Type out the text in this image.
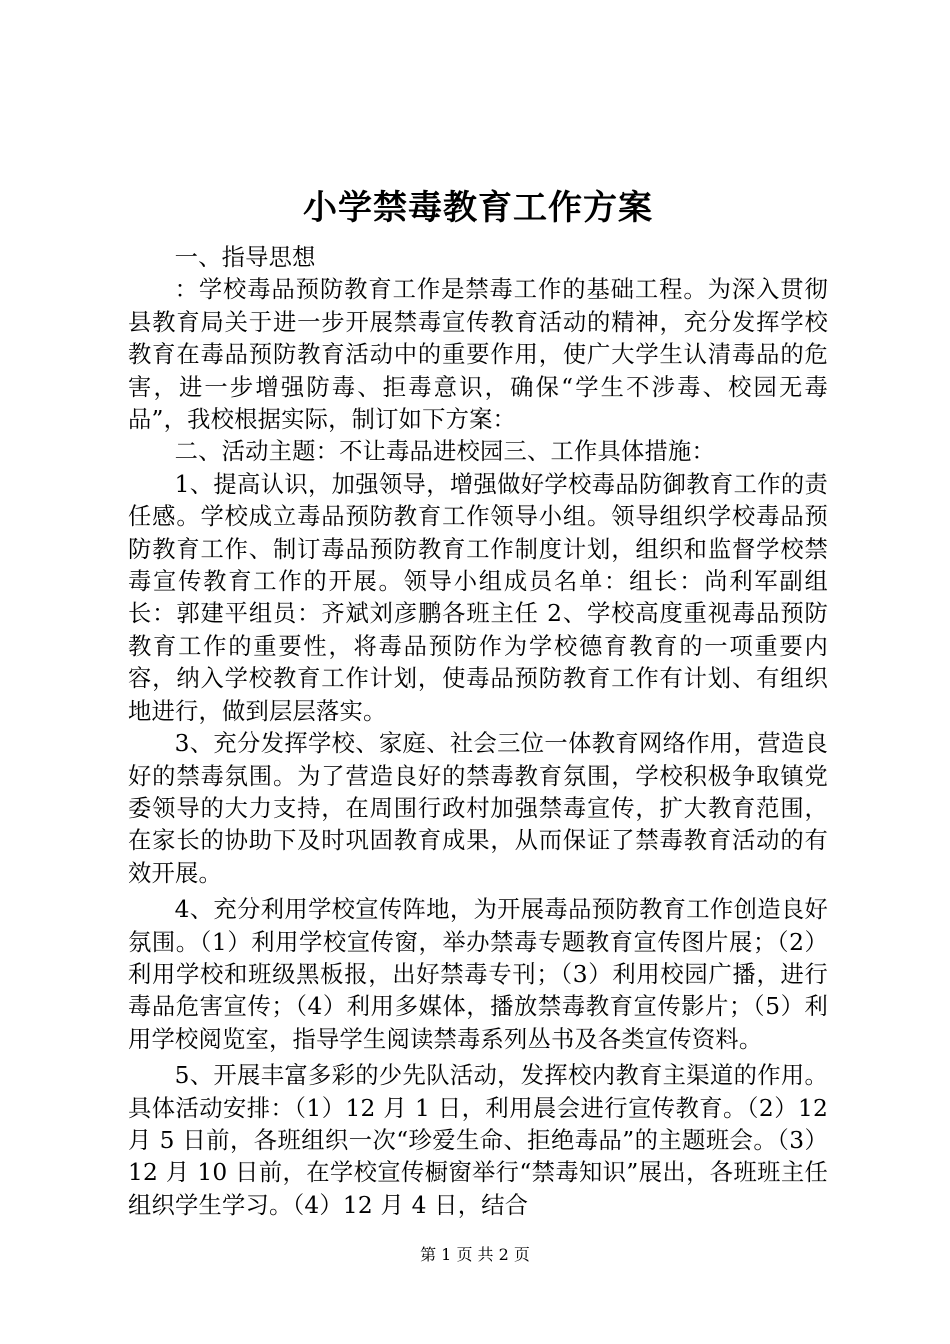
小学禁毒教育工作方案

一、指导思想

：学校毒品预防教育工作是禁毒工作的基础工程。为深入贯彻县教育局关于进一步开展禁毒宣传教育活动的精神，充分发挥学校教育在毒品预防教育活动中的重要作用，使广大学生认清毒品的危害，进一步增强防毒、拒毒意识，确保“学生不涉毒、校园无毒品”，我校根据实际，制订如下方案：

二、活动主题：不让毒品进校园三、工作具体措施：

1、提高认识，加强领导，增强做好学校毒品防御教育工作的责任感。学校成立毒品预防教育工作领导小组。领导组织学校毒品预防教育工作、制订毒品预防教育工作制度计划，组织和监督学校禁毒宣传教育工作的开展。领导小组成员名单：组长：尚利军副组长：郭建平组员：齐斌刘彦鹏各班主任 2、学校高度重视毒品预防教育工作的重要性，将毒品预防作为学校德育教育的一项重要内容，纳入学校教育工作计划，使毒品预防教育工作有计划、有组织地进行，做到层层落实。

3、充分发挥学校、家庭、社会三位一体教育网络作用，营造良好的禁毒氛围。为了营造良好的禁毒教育氛围，学校积极争取镇党委领导的大力支持，在周围行政村加强禁毒宣传，扩大教育范围，在家长的协助下及时巩固教育成果，从而保证了禁毒教育活动的有效开展。

4、充分利用学校宣传阵地，为开展毒品预防教育工作创造良好氛围。（1）利用学校宣传窗，举办禁毒专题教育宣传图片展；（2）利用学校和班级黑板报，出好禁毒专刊；（3）利用校园广播，进行毒品危害宣传；（4）利用多媒体，播放禁毒教育宣传影片；（5）利用学校阅览室，指导学生阅读禁毒系列丛书及各类宣传资料。

5、开展丰富多彩的少先队活动，发挥校内教育主渠道的作用。具体活动安排：（1）12 月 1 日，利用晨会进行宣传教育。（2）12 月 5 日前，各班组织一次“珍爱生命、拒绝毒品”的主题班会。（3）12 月 10 日前，在学校宣传橱窗举行“禁毒知识”展出，各班班主任组织学生学习。（4）12 月 4 日，结合

第 1 页 共 2 页
